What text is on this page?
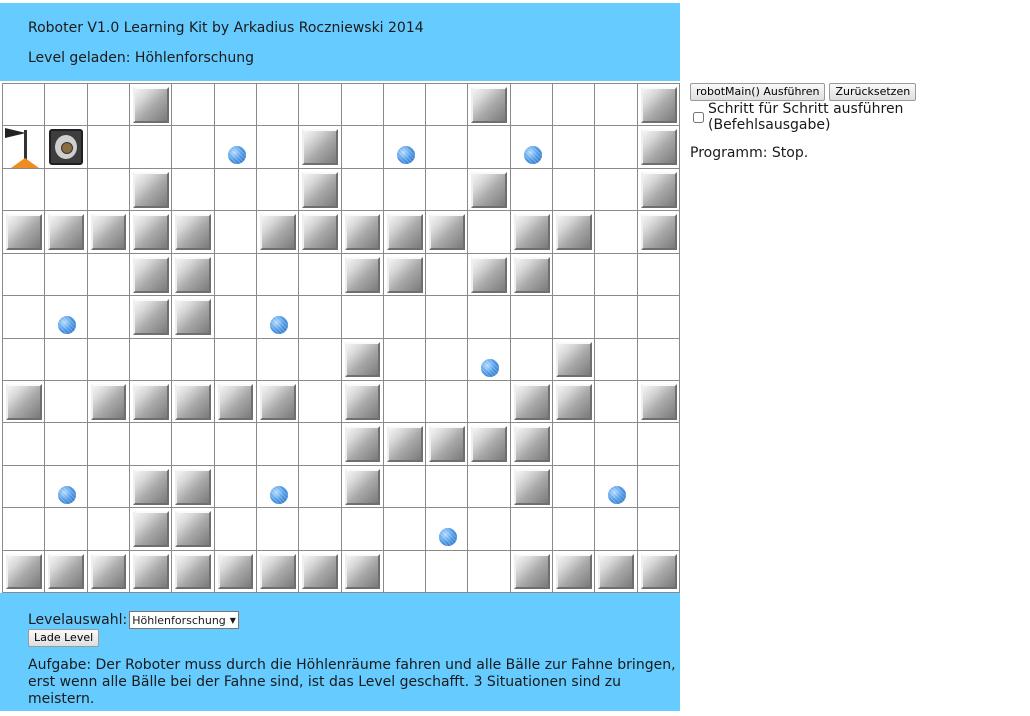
Roboter V1.0 Learning Kit by Arkadius Roczniewski 2014
Level geladen: Höhlenforschung
robotMain() Ausführen	Zurücksetzen
Schritt für Schritt ausführen (Befehlsausgabe)
Programm: Stop.
Levelauswahl: Höhlenforschung ▼
Lade Level
Aufgabe: Der Roboter muss durch die Höhlenräume fahren und alle Bälle zur Fahne bringen, erst wenn alle Bälle bei der Fahne sind, ist das Level geschafft. 3 Situationen sind zu meistern.
